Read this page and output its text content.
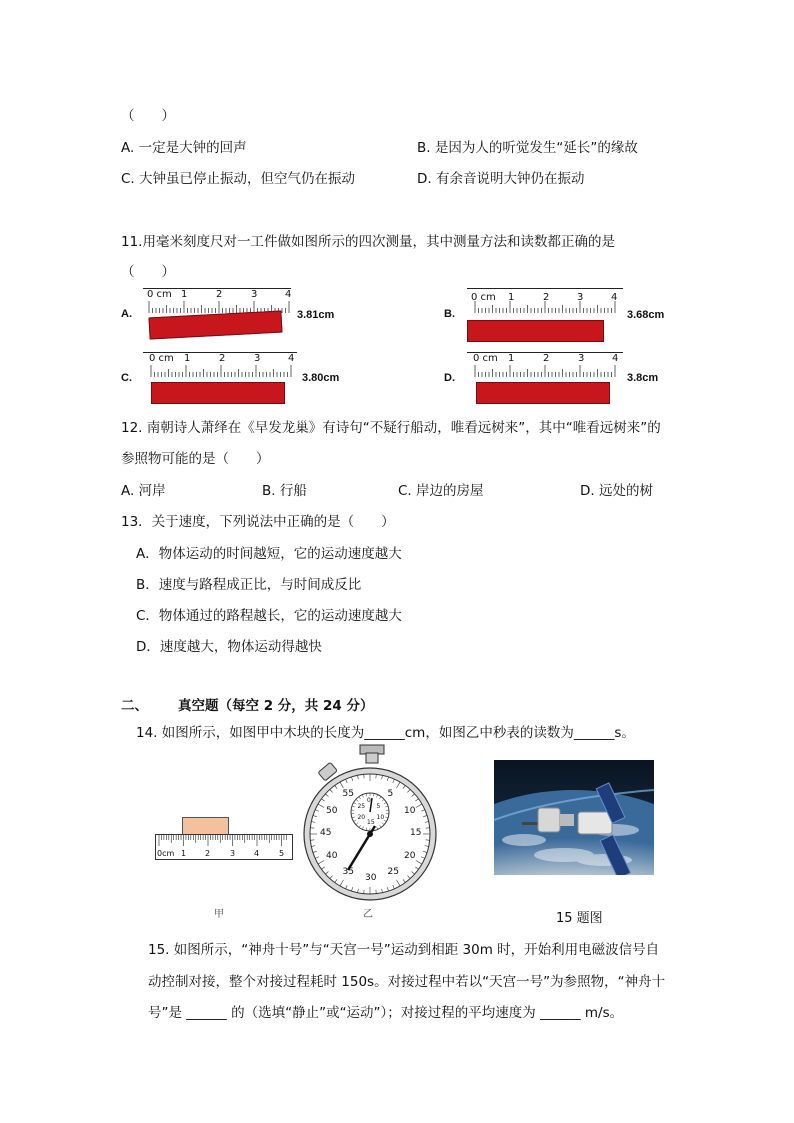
（　　）
A. 一定是大钟的回声	B. 是因为人的听觉发生“延长”的缘故
C. 大钟虽已停止振动，但空气仍在振动	D. 有余音说明大钟仍在振动
11.用毫米刻度尺对一工件做如图所示的四次测量，其中测量方法和读数都正确的是
（　　）
A.
0 cm 1	2	3	4
3.81cm	B.
0 cm 1	2	3	4
3.68cm
C.
0 cm 1	2	3	4
3.80cm	D.
0 cm 1	2	3	4
3.8cm
12. 南朝诗人萧绎在《早发龙巢》有诗句“不疑行船动，唯看远树来”，其中“唯看远树来”的
参照物可能的是（　　）
A. 河岸	B. 行船	C. 岸边的房屋	D. 远处的树
13．关于速度，下列说法中正确的是（　　）
A．物体运动的时间越短，它的运动速度越大
B．速度与路程成正比，与时间成反比
C．物体通过的路程越长，它的运动速度越大
D．速度越大，物体运动得越快
二、 真空题（每空 2 分，共 24 分）
14. 如图所示，如图甲中木块的长度为______cm，如图乙中秒表的读数为______s。
0cm 1 2 3 4 5
甲
55	5
10
15
20
25
30
35
40
45
50
0
5
10
15
20
25
乙	15 题图
15. 如图所示，“神舟十号”与“天宫一号”运动到相距 30m 时，开始利用电磁波信号自
动控制对接，整个对接过程耗时 150s。对接过程中若以“天宫一号”为参照物，“神舟十
号”是 ______ 的（选填“静止”或“运动”）；对接过程的平均速度为 ______ m/s。
